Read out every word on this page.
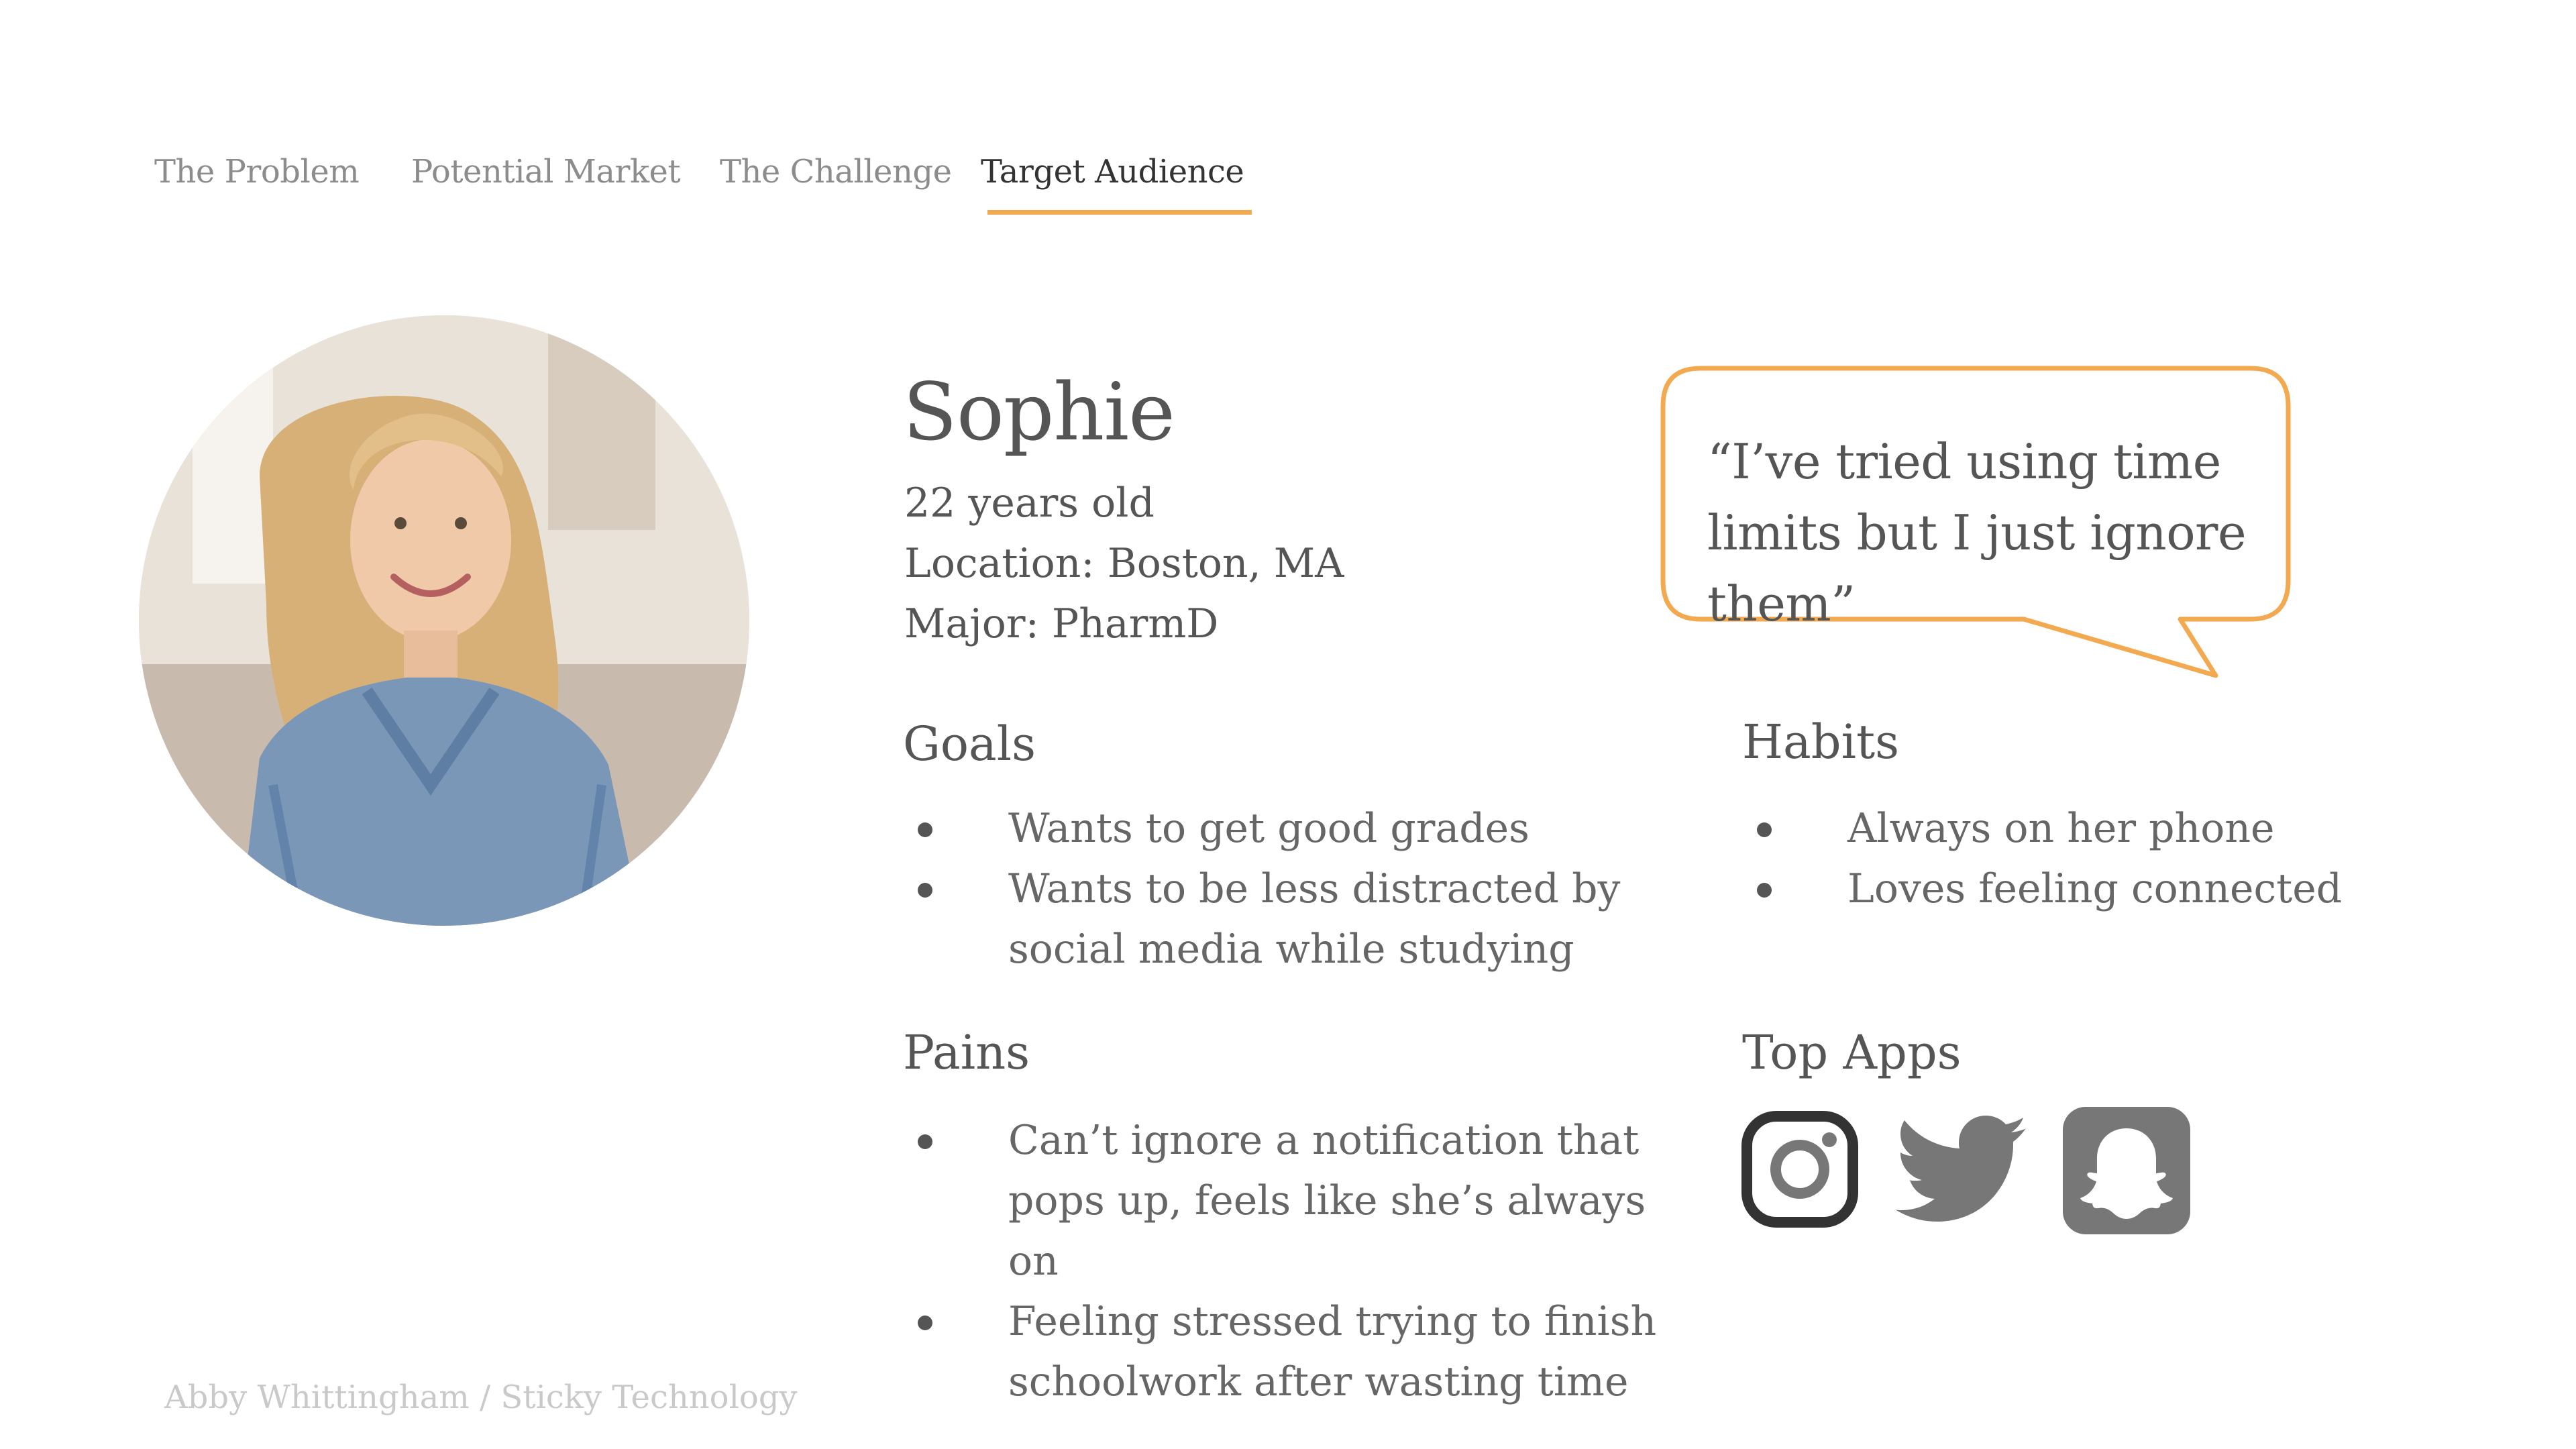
The Problem Potential Market The Challenge Target Audience
Sophie
22 years old
Location: Boston, MA
Major: PharmD
“I’ve tried using time limits but I just ignore them”
Goals
Wants to get good grades
Wants to be less distracted by social media while studying
Pains
Can’t ignore a notification that pops up, feels like she’s always on
Feeling stressed trying to finish schoolwork after wasting time
Habits
Always on her phone
Loves feeling connected
Top Apps
Abby Whittingham / Sticky Technology
